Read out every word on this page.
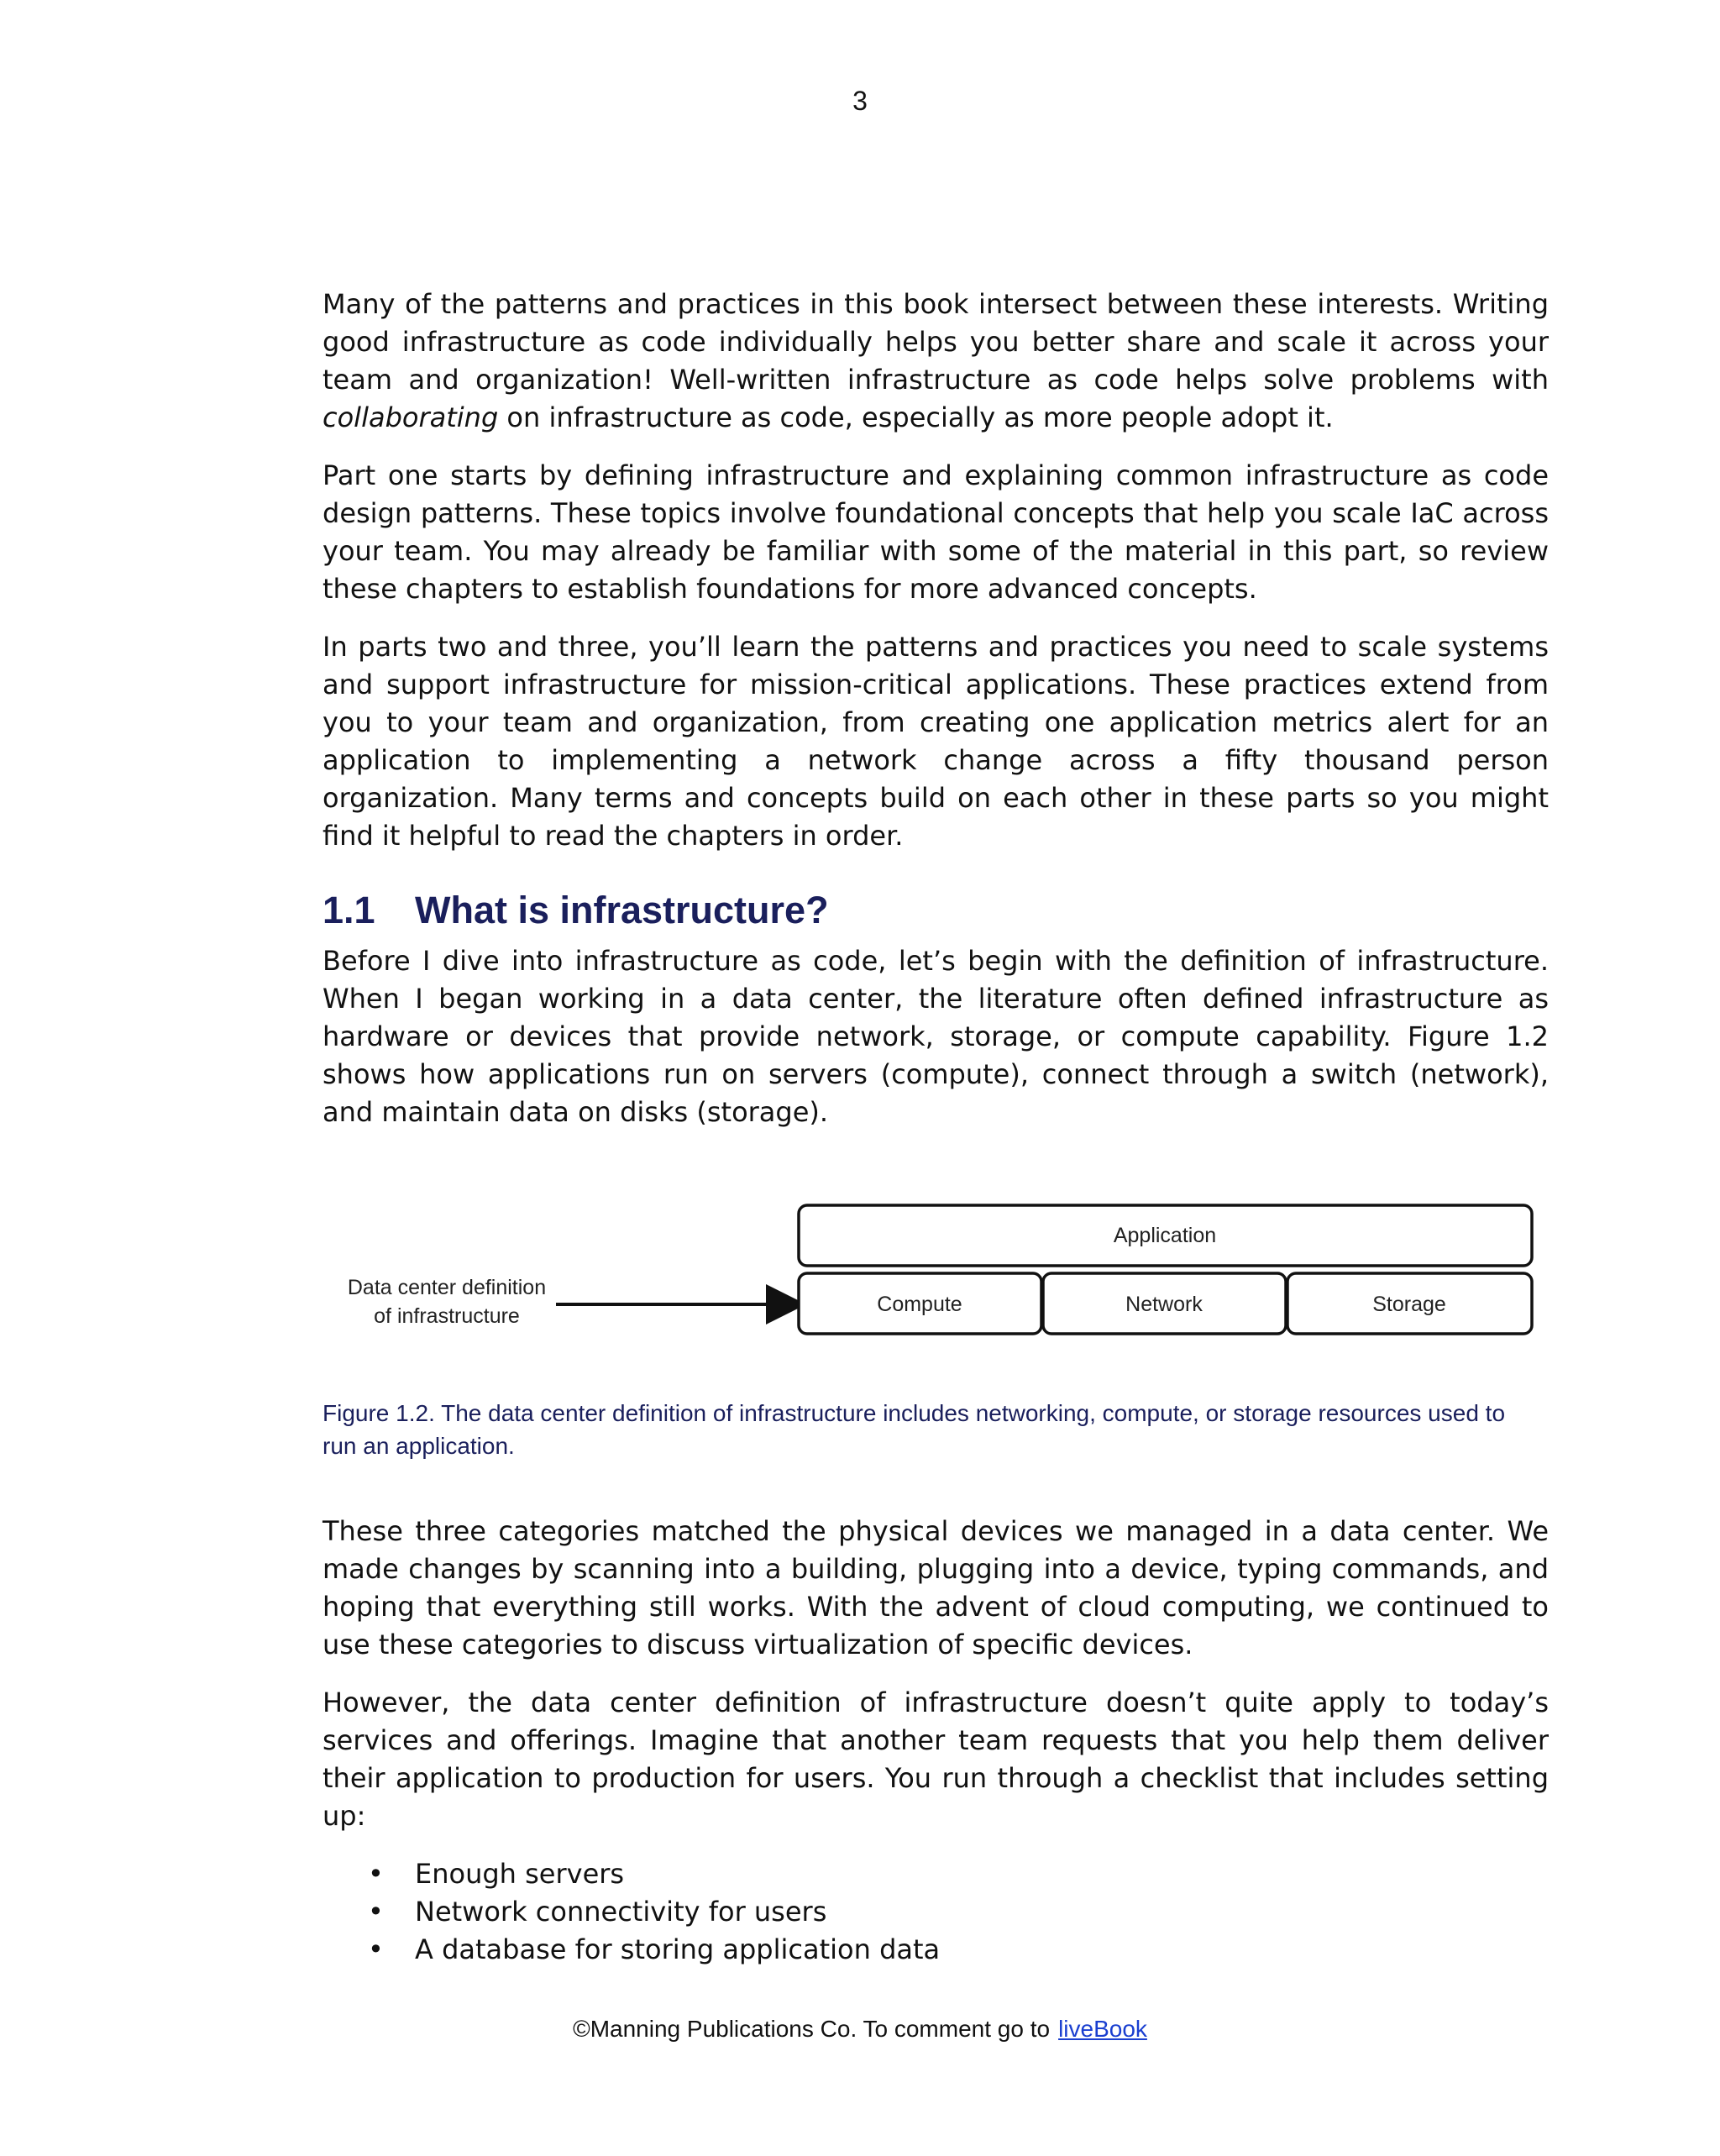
3

Many of the patterns and practices in this book intersect between these interests. Writing good infrastructure as code individually helps you better share and scale it across your team and organization! Well-written infrastructure as code helps solve problems with collaborating on infrastructure as code, especially as more people adopt it.

Part one starts by defining infrastructure and explaining common infrastructure as code design patterns. These topics involve foundational concepts that help you scale IaC across your team. You may already be familiar with some of the material in this part, so review these chapters to establish foundations for more advanced concepts.

In parts two and three, you’ll learn the patterns and practices you need to scale systems and support infrastructure for mission-critical applications. These practices extend from you to your team and organization, from creating one application metrics alert for an application to implementing a network change across a fifty thousand person organization. Many terms and concepts build on each other in these parts so you might find it helpful to read the chapters in order.

1.1 What is infrastructure?

Before I dive into infrastructure as code, let’s begin with the definition of infrastructure. When I began working in a data center, the literature often defined infrastructure as hardware or devices that provide network, storage, or compute capability. Figure 1.2 shows how applications run on servers (compute), connect through a switch (network), and maintain data on disks (storage).

Data center definition
of infrastructure
Application
Compute	Network	Storage
Figure 1.2. The data center definition of infrastructure includes networking, compute, or storage resources used to run an application.

These three categories matched the physical devices we managed in a data center. We made changes by scanning into a building, plugging into a device, typing commands, and hoping that everything still works. With the advent of cloud computing, we continued to use these categories to discuss virtualization of specific devices.

However, the data center definition of infrastructure doesn’t quite apply to today’s services and offerings. Imagine that another team requests that you help them deliver their application to production for users. You run through a checklist that includes setting up:

• Enough servers
• Network connectivity for users
• A database for storing application data
©Manning Publications Co. To comment go to liveBook
